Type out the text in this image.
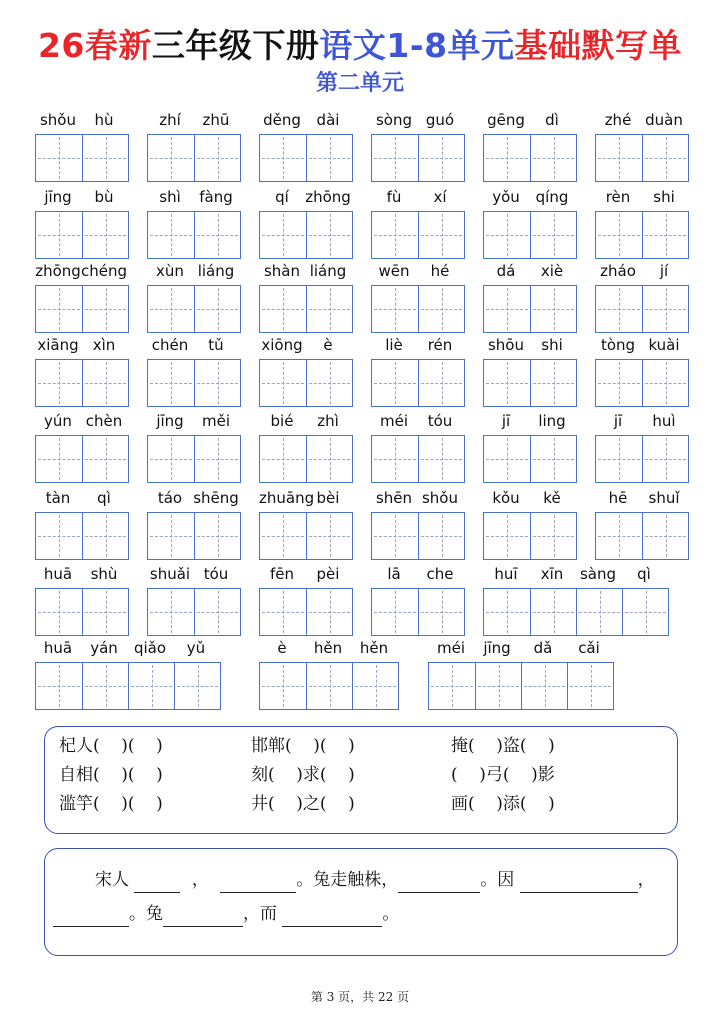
26春新三年级下册语文1-8单元基础默写单
第二单元
shǒu	hù	zhí	zhū	děng	dài	sòng guó	gēng	dì	zhé duàn
jīng	bù	shì	fàng	qí	zhōng	fù	xí	yǒu	qíng	rèn	shi
zhōng chéng	xùn liáng	shàn liáng	wēn	hé	dá	xiè	zháo	jí
xiāng xìn	chén	tǔ	xiōng	è	liè	rén	shōu	shi	tòng kuài
yún chèn	jīng	měi	bié	zhì	méi	tóu	jī	ling	jī	huì
tàn	qì	táo shēng zhuāng bèi	shēn shǒu	kǒu	kě	hē	shuǐ
huā	shù	shuǎi tóu	fēn	pèi	lā	che	huī	xīn	sàng	qì
huā	yán	qiǎo	yǔ	è	hěn	hěn	méi	jīng	dǎ	cǎi
杞人(    )(    )	邯郸(    )(    )	掩(    )盗(    )
自相(    )(    )	刻(    )求(    )	(    )弓(    )影
滥竽(    )(    )	井(    )之(    )	画(    )添(    )
宋人	，	。兔走触株，	。因	，
。兔	，而	。
第 3 页，共 22 页
